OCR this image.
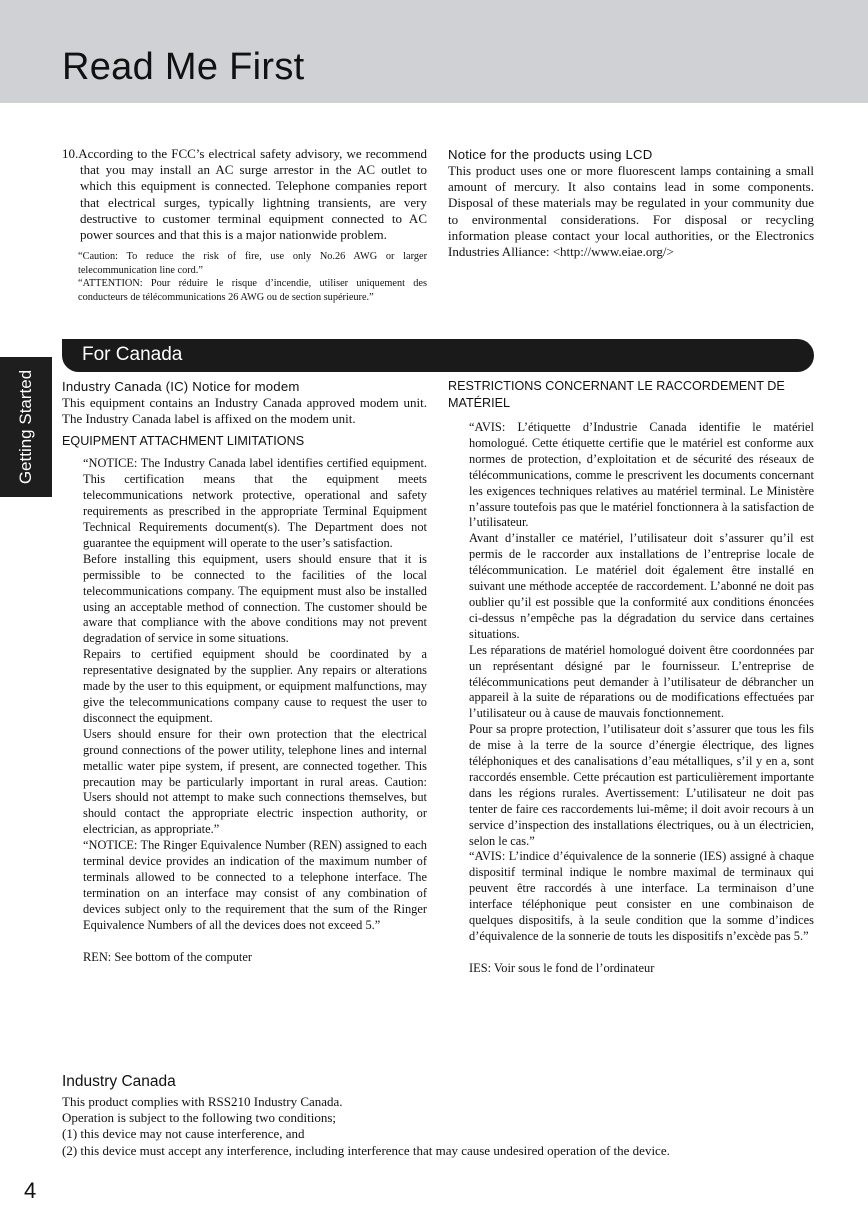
Read Me First
Getting Started

10.According to the FCC’s electrical safety advisory, we recommend that you may install an AC surge arrestor in the AC outlet to which this equipment is connected. Telephone companies report that electrical surges, typically lightning transients, are very destructive to customer terminal equipment connected to AC power sources and that this is a major nationwide problem.

“Caution: To reduce the risk of fire, use only No.26 AWG or larger telecommunication line cord.”

“ATTENTION: Pour réduire le risque d’incendie, utiliser uniquement des conducteurs de télécommunications 26 AWG ou de section supérieure.”

Notice for the products using LCD

This product uses one or more fluorescent lamps containing a small amount of mercury. It also contains lead in some components. Disposal of these materials may be regulated in your community due to environmental considerations. For disposal or recycling information please contact your local authorities, or the Electronics Industries Alliance: <http://www.eiae.org/>

For Canada

Industry Canada (IC) Notice for modem

This equipment contains an Industry Canada approved modem unit. The Industry Canada label is affixed on the modem unit.

EQUIPMENT ATTACHMENT LIMITATIONS

“NOTICE: The Industry Canada label identifies certified equipment. This certification means that the equipment meets telecommunications network protective, operational and safety requirements as prescribed in the appropriate Terminal Equipment Technical Requirements document(s). The Department does not guarantee the equipment will operate to the user’s satisfaction.

Before installing this equipment, users should ensure that it is permissible to be connected to the facilities of the local telecommunications company. The equipment must also be installed using an acceptable method of connection. The customer should be aware that compliance with the above conditions may not prevent degradation of service in some situations.

Repairs to certified equipment should be coordinated by a representative designated by the supplier. Any repairs or alterations made by the user to this equipment, or equipment malfunctions, may give the telecommunications company cause to request the user to disconnect the equipment.

Users should ensure for their own protection that the electrical ground connections of the power utility, telephone lines and internal metallic water pipe system, if present, are connected together. This precaution may be particularly important in rural areas. Caution: Users should not attempt to make such connections themselves, but should contact the appropriate electric inspection authority, or electrician, as appropriate.”

“NOTICE: The Ringer Equivalence Number (REN) assigned to each terminal device provides an indication of the maximum number of terminals allowed to be connected to a telephone interface. The termination on an interface may consist of any combination of devices subject only to the requirement that the sum of the Ringer Equivalence Numbers of all the devices does not exceed 5.”

REN: See bottom of the computer

RESTRICTIONS CONCERNANT LE RACCORDEMENT DE MATÉRIEL

“AVIS: L’étiquette d’Industrie Canada identifie le matériel homologué. Cette étiquette certifie que le matériel est conforme aux normes de protection, d’exploitation et de sécurité des réseaux de télécommunications, comme le prescrivent les documents concernant les exigences techniques relatives au matériel terminal. Le Ministère n’assure toutefois pas que le matériel fonctionnera à la satisfaction de l’utilisateur.

Avant d’installer ce matériel, l’utilisateur doit s’assurer qu’il est permis de le raccorder aux installations de l’entreprise locale de télécommunication. Le matériel doit également être installé en suivant une méthode acceptée de raccordement. L’abonné ne doit pas oublier qu’il est possible que la conformité aux conditions énoncées ci-dessus n’empêche pas la dégradation du service dans certaines situations.

Les réparations de matériel homologué doivent être coordonnées par un représentant désigné par le fournisseur. L’entreprise de télécommunications peut demander à l’utilisateur de débrancher un appareil à la suite de réparations ou de modifications effectuées par l’utilisateur ou à cause de mauvais fonctionnement.

Pour sa propre protection, l’utilisateur doit s’assurer que tous les fils de mise à la terre de la source d’énergie électrique, des lignes téléphoniques et des canalisations d’eau métalliques, s’il y en a, sont raccordés ensemble. Cette précaution est particulièrement importante dans les régions rurales. Avertissement: L’utilisateur ne doit pas tenter de faire ces raccordements lui-même; il doit avoir recours à un service d’inspection des installations électriques, ou à un électricien, selon le cas.”

“AVIS: L’indice d’équivalence de la sonnerie (IES) assigné à chaque dispositif terminal indique le nombre maximal de terminaux qui peuvent être raccordés à une interface. La terminaison d’une interface téléphonique peut consister en une combinaison de quelques dispositifs, à la seule condition que la somme d’indices d’équivalence de la sonnerie de touts les dispositifs n’excède pas 5.”

IES: Voir sous le fond de l’ordinateur

Industry Canada

This product complies with RSS210 Industry Canada.

Operation is subject to the following two conditions;

(1) this device may not cause interference, and

(2) this device must accept any interference, including interference that may cause undesired operation of the device.

4
